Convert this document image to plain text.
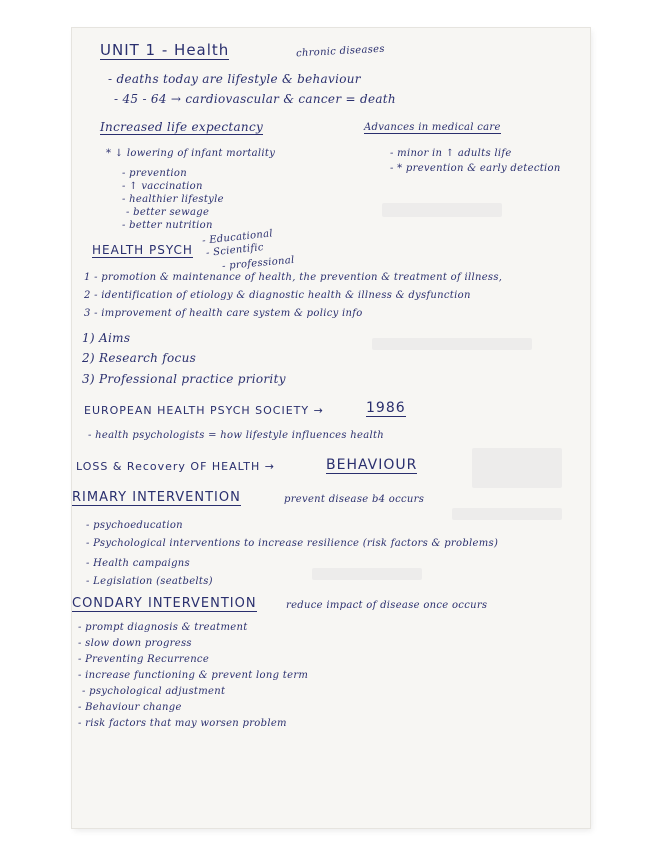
UNIT 1 - Health	chronic diseases
- deaths today are lifestyle & behaviour
- 45 - 64 → cardiovascular & cancer = death
Increased life expectancy	Advances in medical care
* ↓ lowering of infant mortality	- minor in ↑ adults life
- * prevention & early detection
- prevention
- ↑ vaccination
- healthier lifestyle
- better sewage
- better nutrition
HEALTH PSYCH
- Educational
- Scientific
- professional
1 - promotion & maintenance of health, the prevention & treatment of illness,
2 - identification of etiology & diagnostic health & illness & dysfunction
3 - improvement of health care system & policy info
1) Aims
2) Research focus
3) Professional practice priority
EUROPEAN HEALTH PSYCH SOCIETY →	1986
- health psychologists = how lifestyle influences health
LOSS & Recovery OF HEALTH →	BEHAVIOUR
RIMARY INTERVENTION	prevent disease b4 occurs
- psychoeducation
- Psychological interventions to increase resilience (risk factors & problems)
- Health campaigns
- Legislation (seatbelts)
CONDARY INTERVENTION	reduce impact of disease once occurs
- prompt diagnosis & treatment
- slow down progress
- Preventing Recurrence
- increase functioning & prevent long term
- psychological adjustment
- Behaviour change
- risk factors that may worsen problem
